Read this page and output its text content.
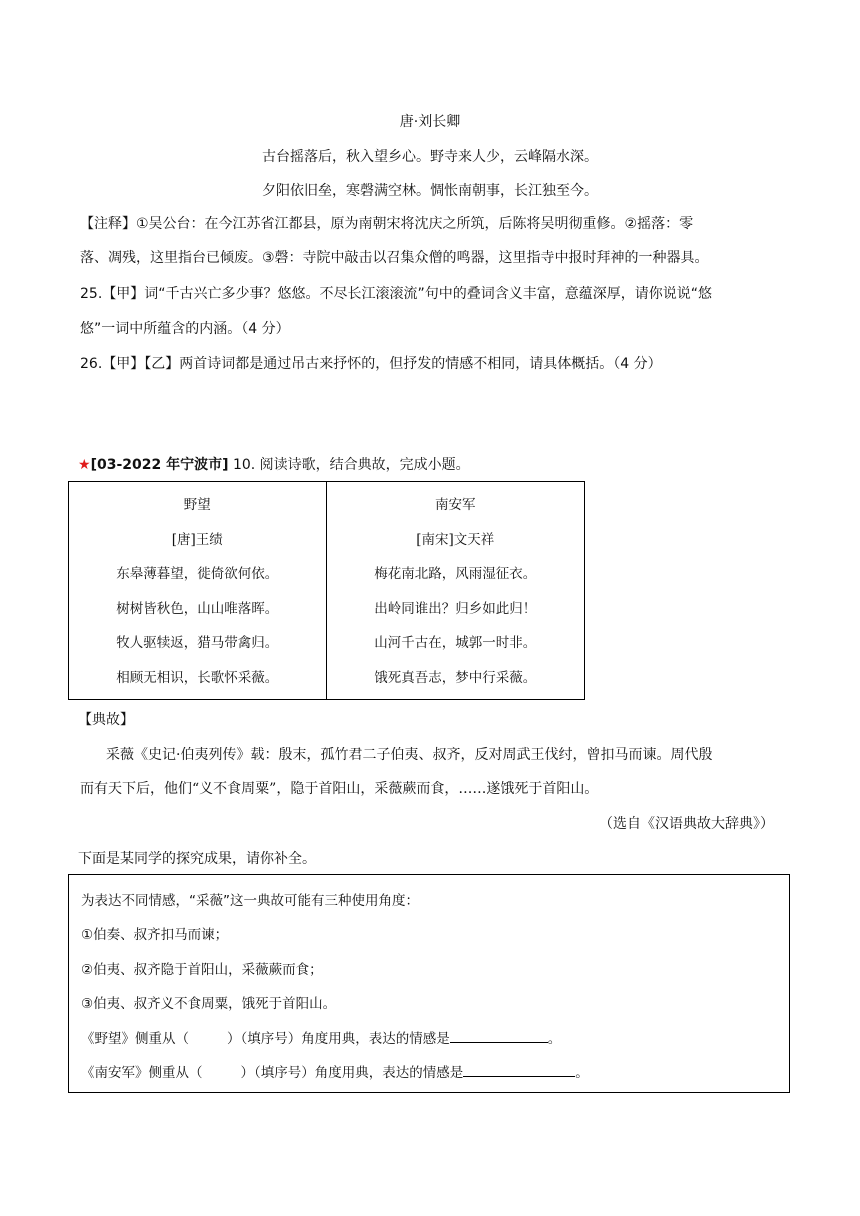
唐·刘长卿
古台摇落后，秋入望乡心。野寺来人少，云峰隔水深。
夕阳依旧垒，寒磬满空林。惆怅南朝事，长江独至今。
【注释】①吴公台：在今江苏省江都县，原为南朝宋将沈庆之所筑，后陈将吴明彻重修。②摇落：零
落、凋残，这里指台已倾废。③磬：寺院中敲击以召集众僧的鸣器，这里指寺中报时拜神的一种器具。
25.【甲】词“千古兴亡多少事？悠悠。不尽长江滚滚流”句中的叠词含义丰富，意蕴深厚，请你说说“悠
悠”一词中所蕴含的内涵。（4 分）
26.【甲】【乙】两首诗词都是通过吊古来抒怀的，但抒发的情感不相同，请具体概括。（4 分）
★[03-2022 年宁波市] 10. 阅读诗歌，结合典故，完成小题。
野望
[唐]王绩
东皋薄暮望，徙倚欲何依。
树树皆秋色，山山唯落晖。
牧人驱犊返，猎马带禽归。
相顾无相识，长歌怀采薇。
南安军
[南宋]文天祥
梅花南北路，风雨湿征衣。
出岭同谁出？归乡如此归！
山河千古在，城郭一时非。
饿死真吾志，梦中行采薇。
【典故】
采薇《史记·伯夷列传》载：殷末，孤竹君二子伯夷、叔齐，反对周武王伐纣，曾扣马而谏。周代殷
而有天下后，他们“义不食周粟”，隐于首阳山，采薇蕨而食，……遂饿死于首阳山。
（选自《汉语典故大辞典》）
下面是某同学的探究成果，请你补全。
为表达不同情感，“采薇”这一典故可能有三种使用角度：
①伯奏、叔齐扣马而谏；
②伯夷、叔齐隐于首阳山，采薇蕨而食；
③伯夷、叔齐义不食周粟，饿死于首阳山。
《野望》侧重从（	）（填序号）角度用典，表达的情感是	。
《南安军》侧重从（	）（填序号）角度用典，表达的情感是	。
